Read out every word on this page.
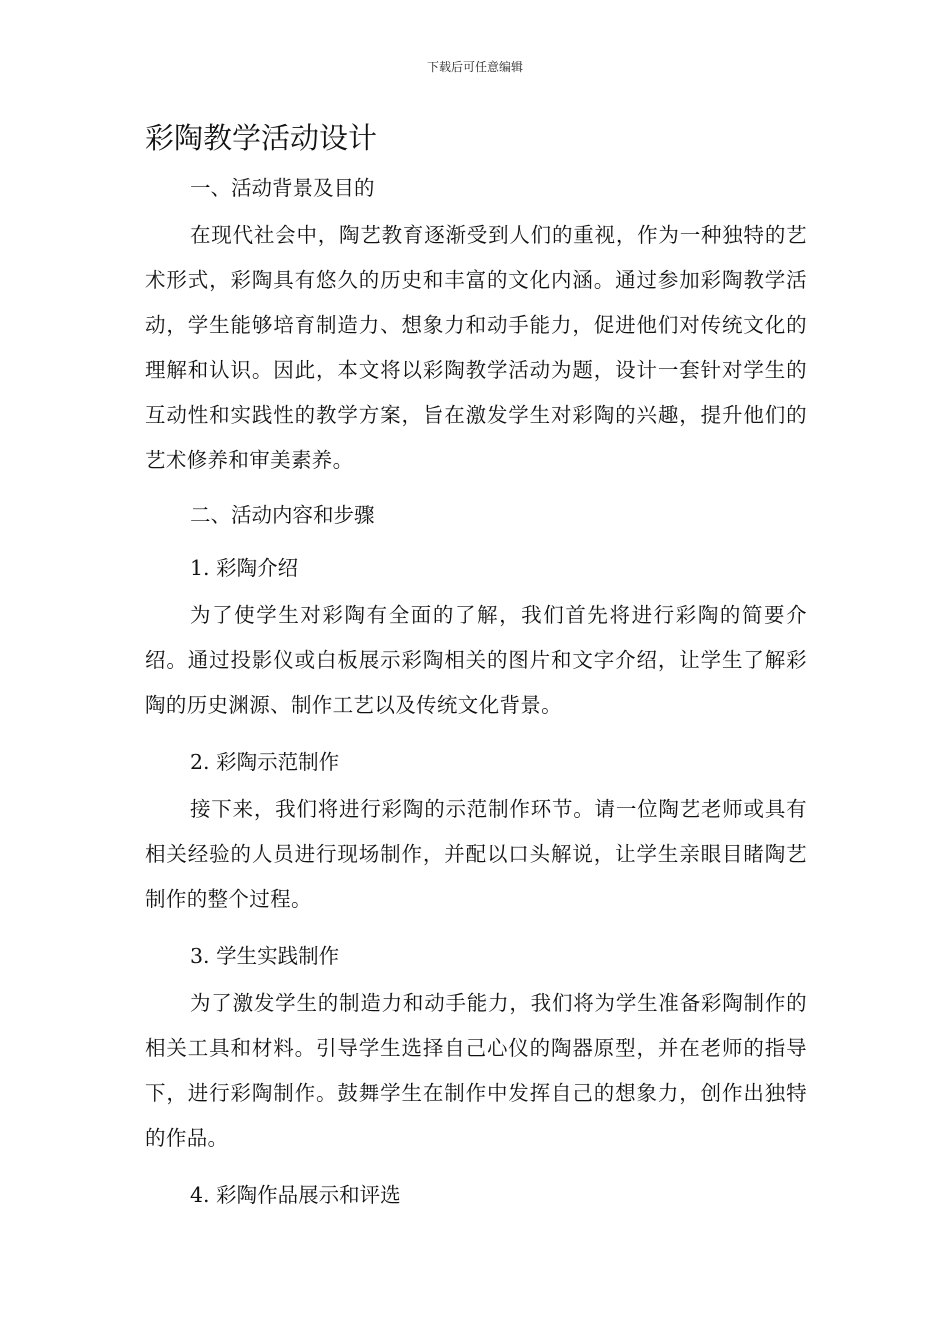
下载后可任意编辑
彩陶教学活动设计
一、活动背景及目的
在现代社会中，陶艺教育逐渐受到人们的重视，作为一种独特的艺术形式，彩陶具有悠久的历史和丰富的文化内涵。通过参加彩陶教学活动，学生能够培育制造力、想象力和动手能力，促进他们对传统文化的理解和认识。因此，本文将以彩陶教学活动为题，设计一套针对学生的互动性和实践性的教学方案，旨在激发学生对彩陶的兴趣，提升他们的艺术修养和审美素养。
二、活动内容和步骤
1. 彩陶介绍
为了使学生对彩陶有全面的了解，我们首先将进行彩陶的简要介绍。通过投影仪或白板展示彩陶相关的图片和文字介绍，让学生了解彩陶的历史渊源、制作工艺以及传统文化背景。
2. 彩陶示范制作
接下来，我们将进行彩陶的示范制作环节。请一位陶艺老师或具有相关经验的人员进行现场制作，并配以口头解说，让学生亲眼目睹陶艺制作的整个过程。
3. 学生实践制作
为了激发学生的制造力和动手能力，我们将为学生准备彩陶制作的相关工具和材料。引导学生选择自己心仪的陶器原型，并在老师的指导下，进行彩陶制作。鼓舞学生在制作中发挥自己的想象力，创作出独特的作品。
4. 彩陶作品展示和评选
